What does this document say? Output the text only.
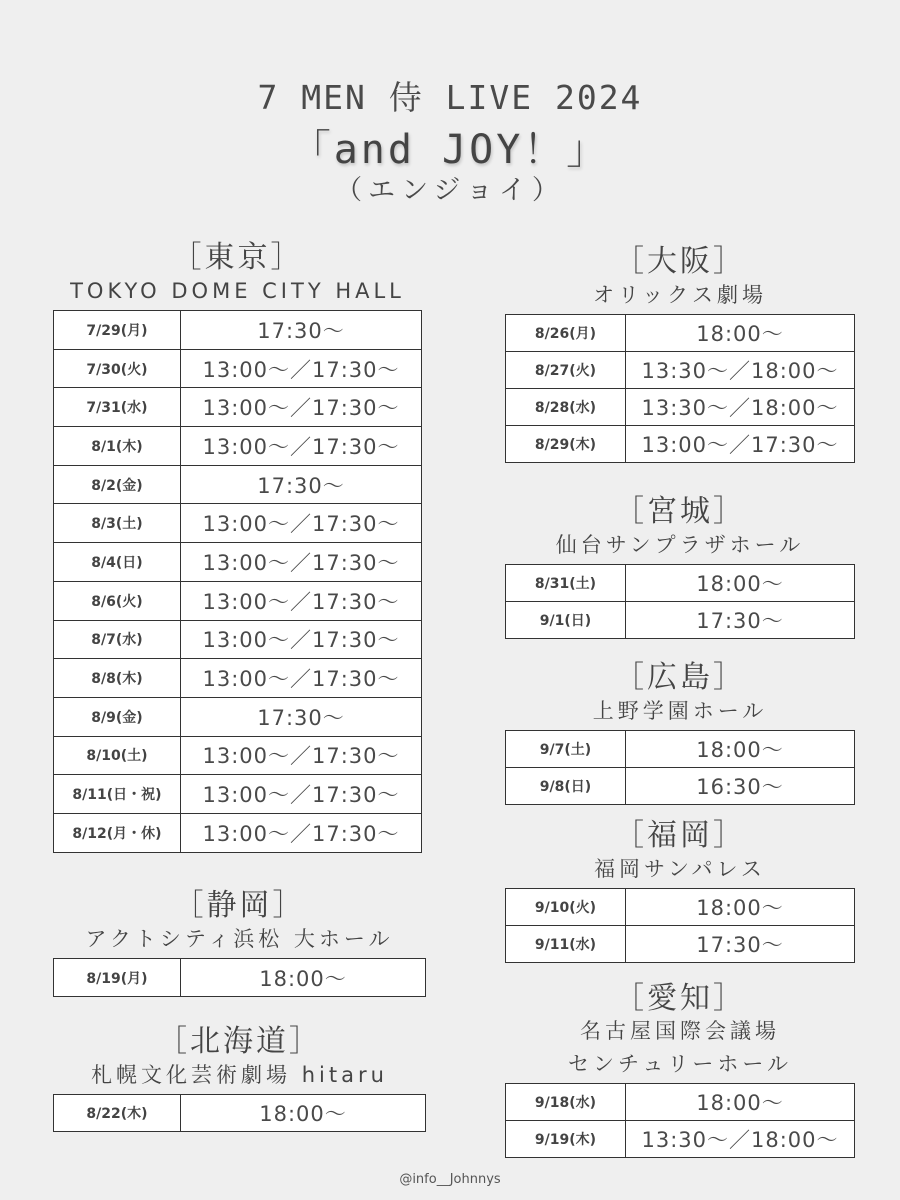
7 MEN 侍 LIVE 2024
「and JOY！」
（エンジョイ）
［東京］
TOKYO DOME CITY HALL
7/29(月)	17:30〜
7/30(火)	13:00〜／17:30〜
7/31(水)	13:00〜／17:30〜
8/1(木)	13:00〜／17:30〜
8/2(金)	17:30〜
8/3(土)	13:00〜／17:30〜
8/4(日)	13:00〜／17:30〜
8/6(火)	13:00〜／17:30〜
8/7(水)	13:00〜／17:30〜
8/8(木)	13:00〜／17:30〜
8/9(金)	17:30〜
8/10(土)	13:00〜／17:30〜
8/11(日・祝)	13:00〜／17:30〜
8/12(月・休)	13:00〜／17:30〜
［静岡］
アクトシティ浜松 大ホール
8/19(月)	18:00〜
［北海道］
札幌文化芸術劇場 hitaru
8/22(木)	18:00〜
［大阪］
オリックス劇場
8/26(月)	18:00〜
8/27(火)	13:30〜／18:00〜
8/28(水)	13:30〜／18:00〜
8/29(木)	13:00〜／17:30〜
［宮城］
仙台サンプラザホール
8/31(土)	18:00〜
9/1(日)	17:30〜
［広島］
上野学園ホール
9/7(土)	18:00〜
9/8(日)	16:30〜
［福岡］
福岡サンパレス
9/10(火)	18:00〜
9/11(水)	17:30〜
［愛知］
名古屋国際会議場
センチュリーホール
9/18(水)	18:00〜
9/19(木)	13:30〜／18:00〜
@info__Johnnys
